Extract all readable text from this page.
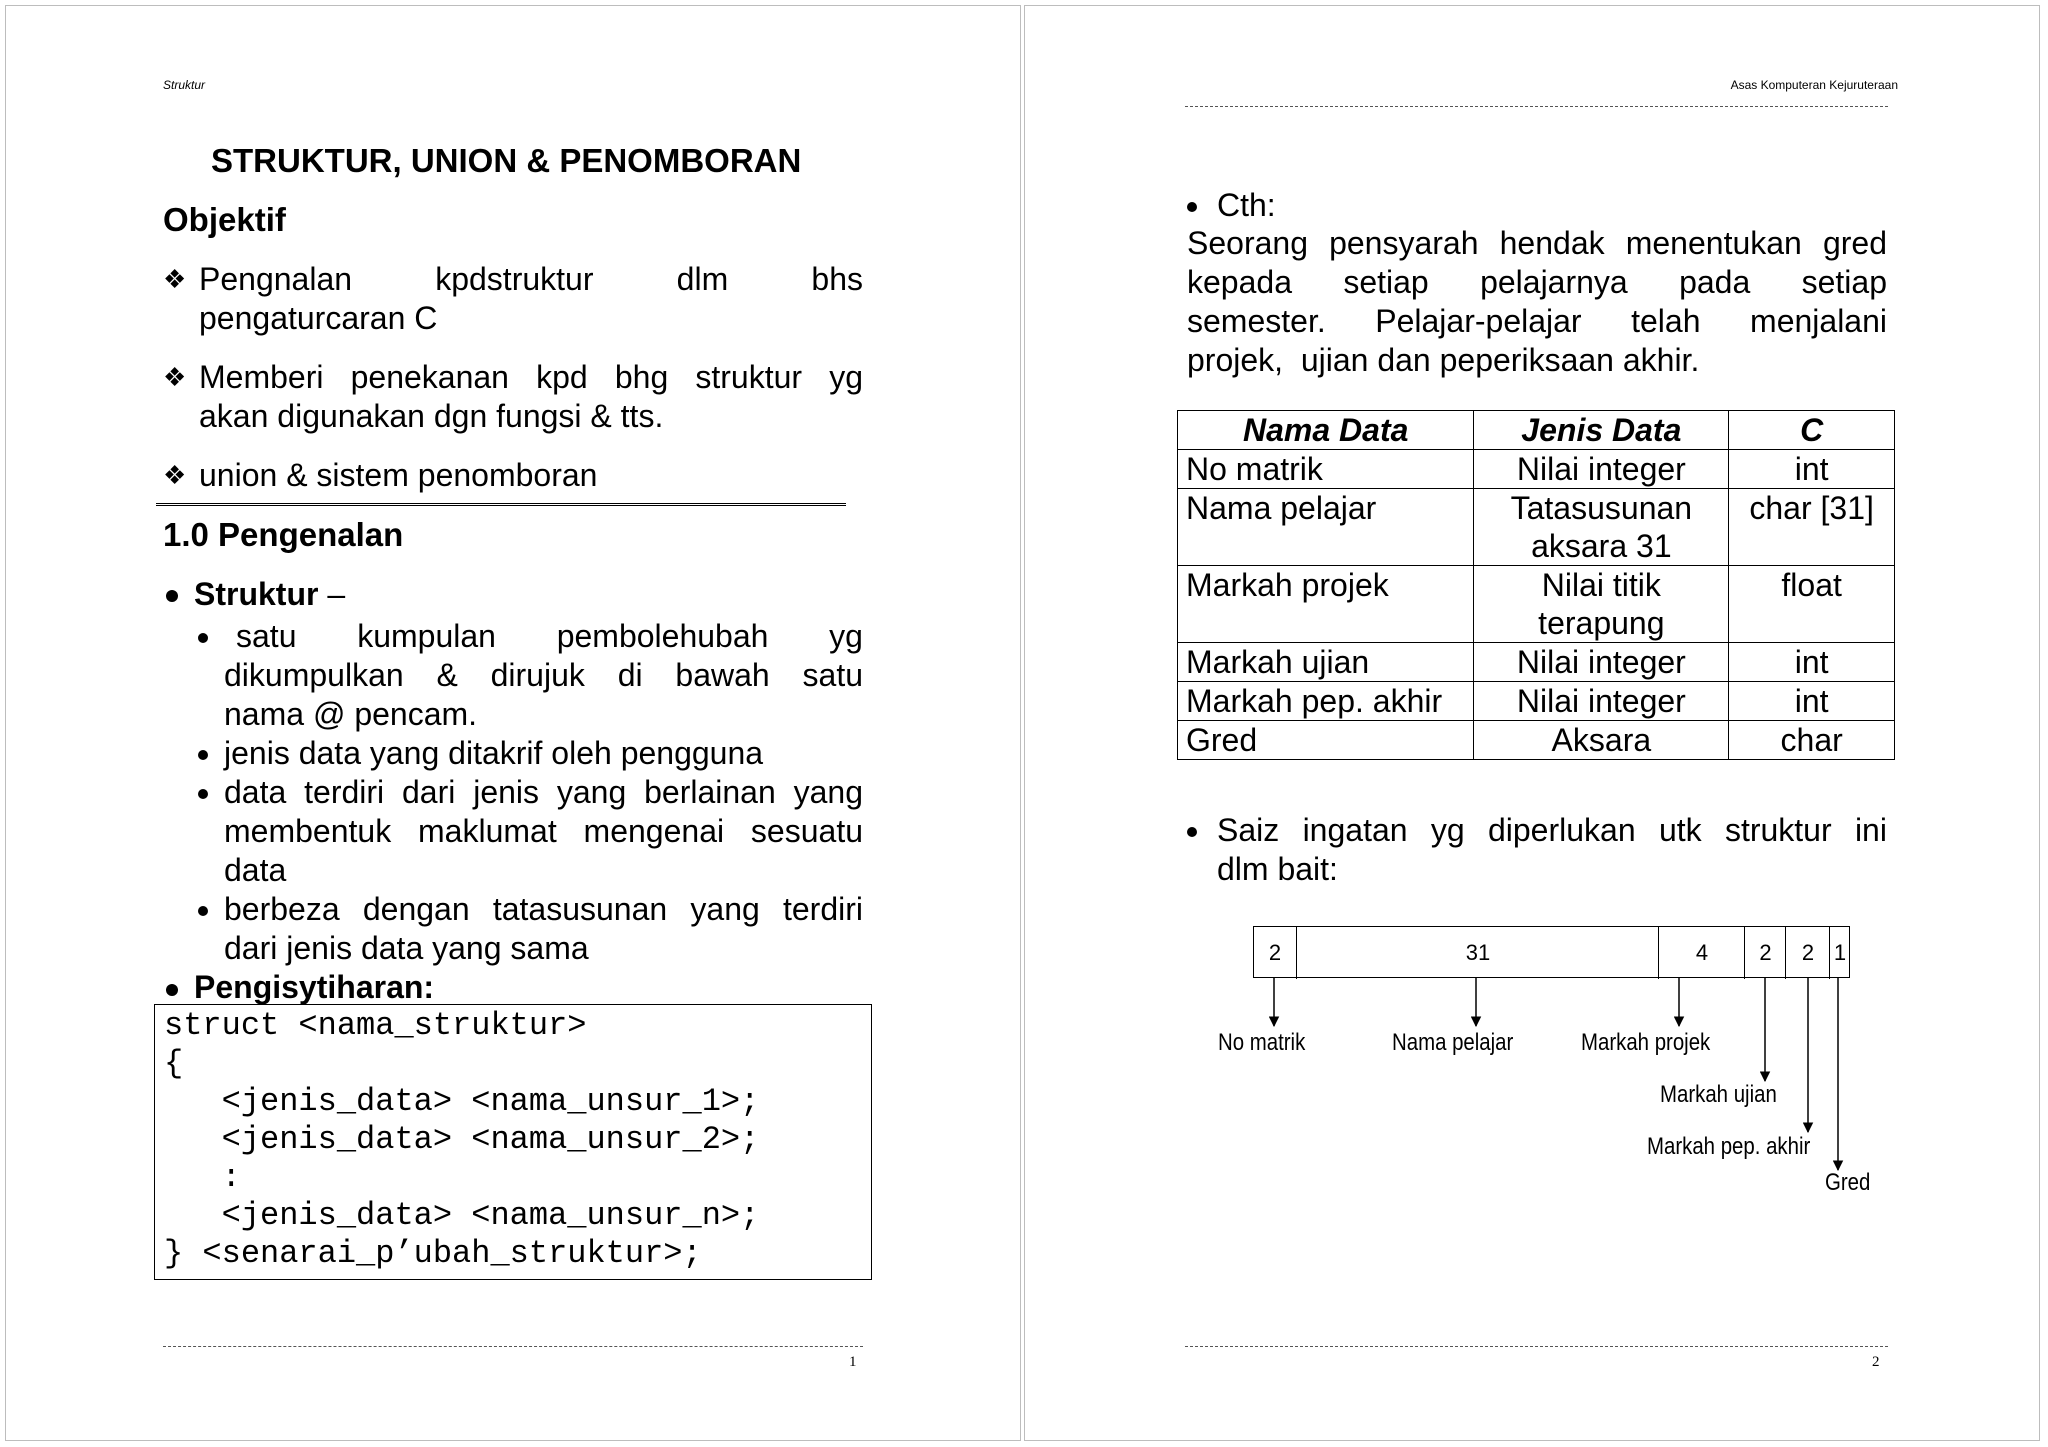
Struktur
STRUKTUR, UNION & PENOMBORAN
Objektif
❖ Pengnalan	kpdstruktur	dlm	bhs
pengaturcaran C
❖ Memberi penekanan kpd bhg struktur yg
akan digunakan dgn fungsi & tts.
❖ union & sistem penomboran
1.0 Pengenalan
Struktur –
satu kumpulan pembolehubah yg
dikumpulkan & dirujuk di bawah satu
nama @ pencam.
jenis data yang ditakrif oleh pengguna
data terdiri dari jenis yang berlainan yang
membentuk maklumat mengenai sesuatu
data
berbeza dengan tatasusunan yang terdiri
dari jenis data yang sama
Pengisytiharan:
struct <nama_struktur>
{
<jenis_data> <nama_unsur_1>;
<jenis_data> <nama_unsur_2>;
:
<jenis_data> <nama_unsur_n>;
} <senarai_p’ubah_struktur>;
1
Asas Komputeran Kejuruteraan
Cth:
Seorang pensyarah hendak menentukan gred
kepada setiap pelajarnya pada setiap
semester. Pelajar-pelajar telah menjalani
projek,  ujian dan peperiksaan akhir.
Nama Data	Jenis Data	C
No matrik	Nilai integer	int
Nama pelajar	Tatasusunan aksara 31	char [31]
Markah projek	Nilai titik terapung	float
Markah ujian	Nilai integer	int
Markah pep. akhir	Nilai integer	int
Gred	Aksara	char
Saiz ingatan yg diperlukan utk struktur ini
dlm bait:
2	31	4	2	2 1
No matrik	Nama pelajar	Markah projek
Markah ujian
Markah pep. akhir
Gred
2
